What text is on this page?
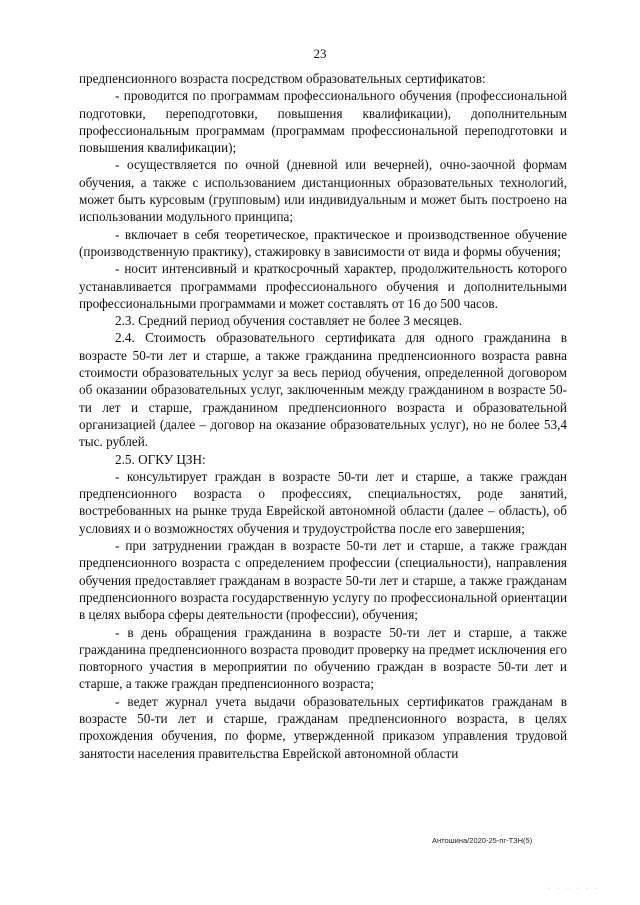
23

предпенсионного возраста посредством образовательных сертификатов:

- проводится по программам профессионального обучения (профессиональной подготовки, переподготовки, повышения квалификации), дополнительным профессиональным программам (программам профессиональной переподготовки и повышения квалификации);

- осуществляется по очной (дневной или вечерней), очно-заочной формам обучения, а также с использованием дистанционных образовательных технологий, может быть курсовым (групповым) или индивидуальным и может быть построено на использовании модульного принципа;

- включает в себя теоретическое, практическое и производственное обучение (производственную практику), стажировку в зависимости от вида и формы обучения;

- носит интенсивный и краткосрочный характер, продолжительность которого устанавливается программами профессионального обучения и дополнительными профессиональными программами и может составлять от 16 до 500 часов.

2.3. Средний период обучения составляет не более 3 месяцев.

2.4. Стоимость образовательного сертификата для одного гражданина в возрасте 50-ти лет и старше, а также гражданина предпенсионного возраста равна стоимости образовательных услуг за весь период обучения, определенной договором об оказании образовательных услуг, заключенным между гражданином в возрасте 50-ти лет и старше, гражданином предпенсионного возраста и образовательной организацией (далее – договор на оказание образовательных услуг), но не более 53,4 тыс. рублей.

2.5. ОГКУ ЦЗН:

- консультирует граждан в возрасте 50-ти лет и старше, а также граждан предпенсионного возраста о профессиях, специальностях, роде занятий, востребованных на рынке труда Еврейской автономной области (далее – область), об условиях и о возможностях обучения и трудоустройства после его завершения;

- при затруднении граждан в возрасте 50-ти лет и старше, а также граждан предпенсионного возраста с определением профессии (специальности), направления обучения предоставляет гражданам в возрасте 50-ти лет и старше, а также гражданам предпенсионного возраста государственную услугу по профессиональной ориентации в целях выбора сферы деятельности (профессии), обучения;

- в день обращения гражданина в возрасте 50-ти лет и старше, а также гражданина предпенсионного возраста проводит проверку на предмет исключения его повторного участия в мероприятии по обучению граждан в возрасте 50-ти лет и старше, а также граждан предпенсионного возраста;

- ведет журнал учета выдачи образовательных сертификатов гражданам в возрасте 50-ти лет и старше, гражданам предпенсионного возраста, в целях прохождения обучения, по форме, утвержденной приказом управления трудовой занятости населения правительства Еврейской автономной области

Антошина/2020-25-пг-ТЗН(5)
· · · · · ·
